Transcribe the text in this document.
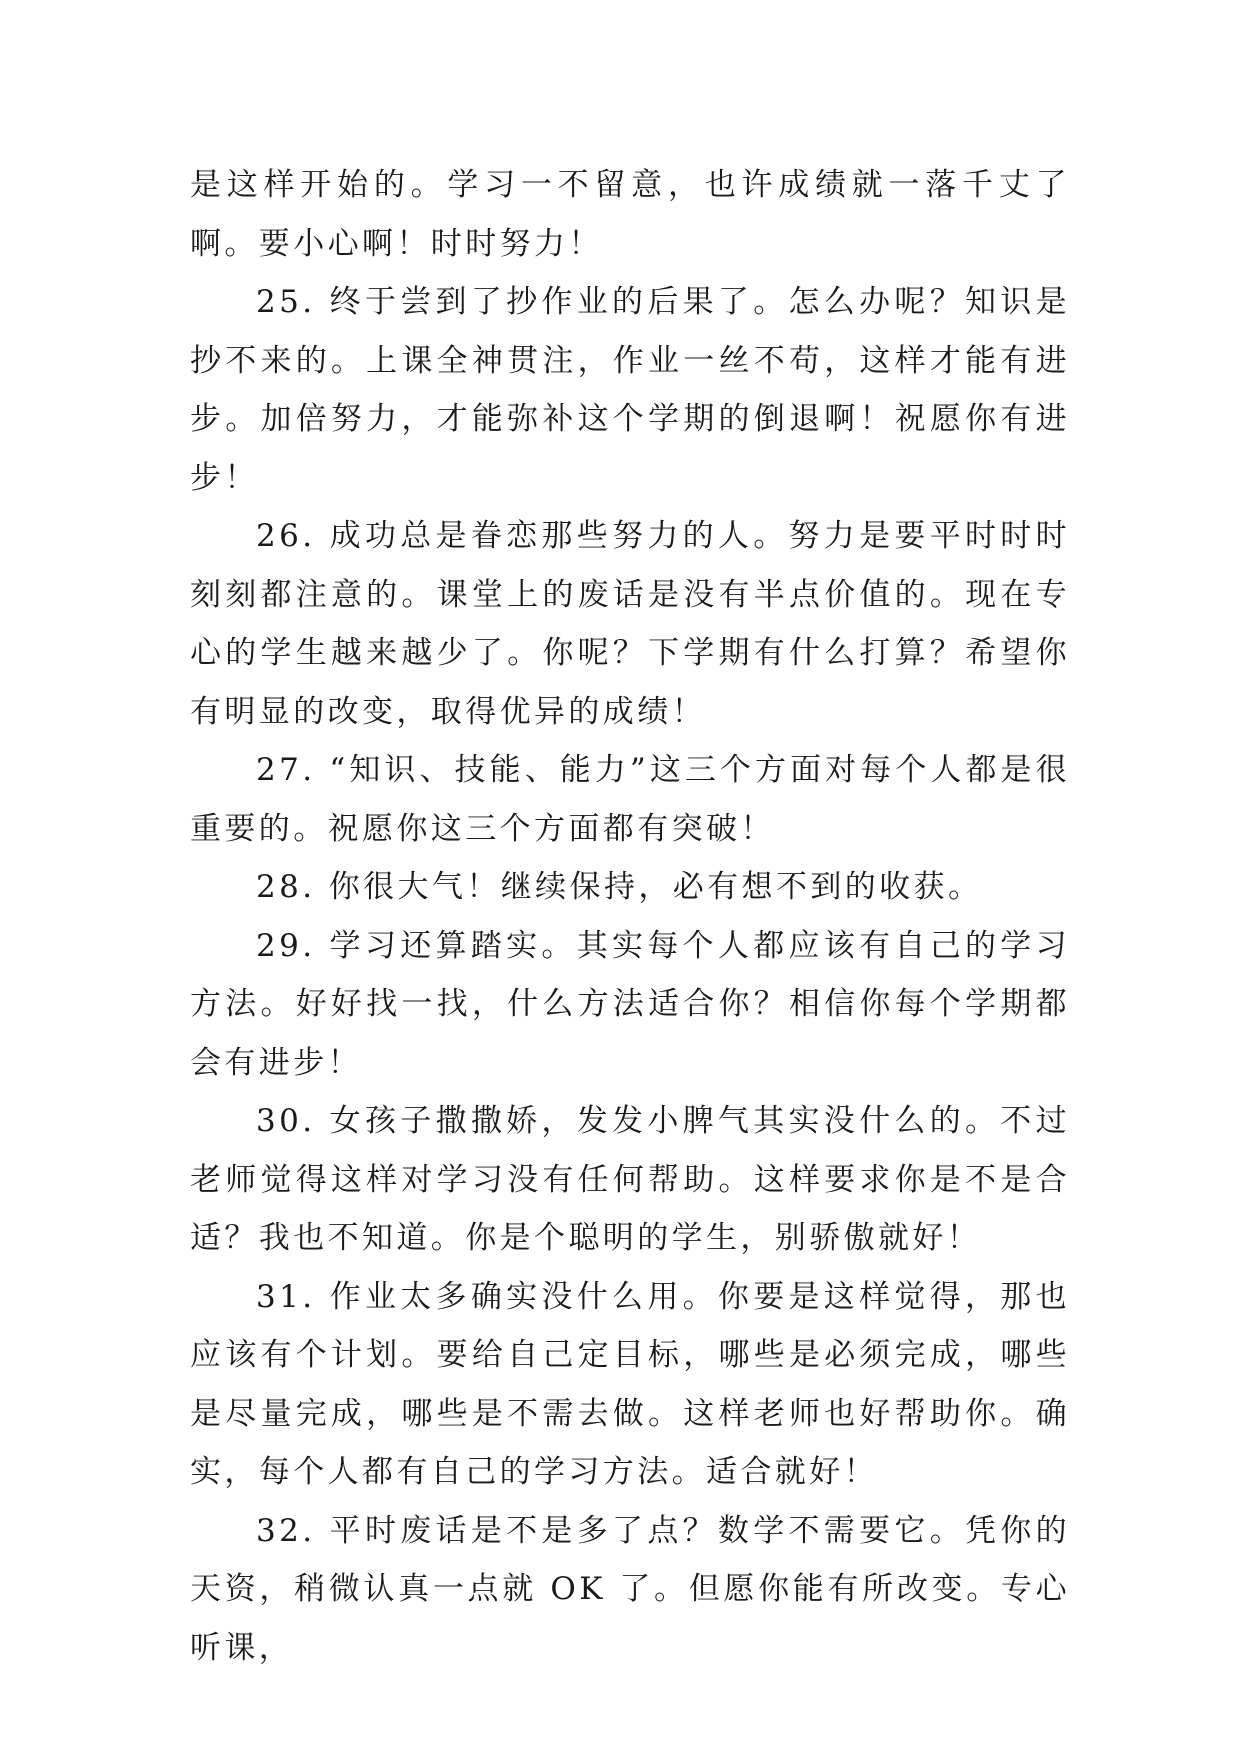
是这样开始的。学习一不留意，也许成绩就一落千丈了啊。要小心啊！时时努力！

25. 终于尝到了抄作业的后果了。怎么办呢？知识是抄不来的。上课全神贯注，作业一丝不苟，这样才能有进步。加倍努力，才能弥补这个学期的倒退啊！祝愿你有进步！

26. 成功总是眷恋那些努力的人。努力是要平时时时刻刻都注意的。课堂上的废话是没有半点价值的。现在专心的学生越来越少了。你呢？下学期有什么打算？希望你有明显的改变，取得优异的成绩！

27. “知识、技能、能力”这三个方面对每个人都是很重要的。祝愿你这三个方面都有突破！

28. 你很大气！继续保持，必有想不到的收获。

29. 学习还算踏实。其实每个人都应该有自己的学习方法。好好找一找，什么方法适合你？相信你每个学期都会有进步！

30. 女孩子撒撒娇，发发小脾气其实没什么的。不过老师觉得这样对学习没有任何帮助。这样要求你是不是合适？我也不知道。你是个聪明的学生，别骄傲就好！

31. 作业太多确实没什么用。你要是这样觉得，那也应该有个计划。要给自己定目标，哪些是必须完成，哪些是尽量完成，哪些是不需去做。这样老师也好帮助你。确实，每个人都有自己的学习方法。适合就好！

32. 平时废话是不是多了点？数学不需要它。凭你的天资，稍微认真一点就 OK 了。但愿你能有所改变。专心听课，
